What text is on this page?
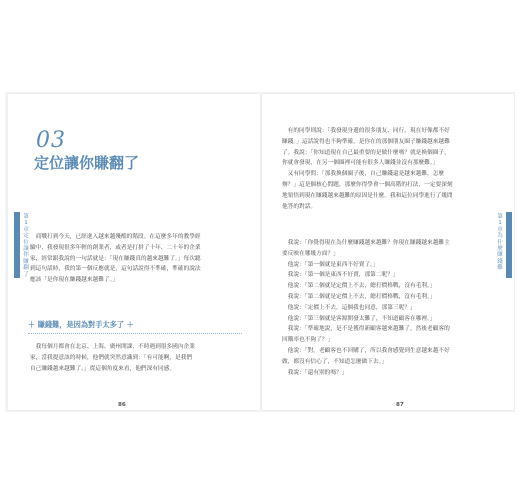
第1章 定位讓你賺翻了
03
定位讓你賺翻了

　商戰打到今天，已經進入越來越殘酷的階段。在這麼多年的教學經
驗中，我發現很多年輕的創業者，或者是打拼了十年、二十年的企業
家，經常跟我說的一句話就是：「現在賺錢真的越來越難了。」每次聽
到這句話時，我的第一個反應就是，這句話說得不準確，準確的說法
應該「是你現在賺錢越來越難了。」

＋ 賺錢難，是因為對手太多了 ＋

　我每個月都會在北京、上海、廣州開課，不時遇到很多國內企業
家，當我提意該的時候，他們就突然意識到：「有可能啊，是我們
自己賺錢越來越難了。」從這個角度來看，他們深有同感。

86
第1章 為什麼賺錢難

　有的同學則說：「我發現身邊的很多朋友、同行，現在好像都不好
賺錢。」這話說得也不夠準確，是你在的那個朋友圈子賺錢越來越難
了。我說：「你知道現在自己最重要的是做什麼嗎？就是換個圈子，
你就會發現，在另一個圈裡可能有很多人賺錢並沒有那麼難。」
　又有同學問：「那我換個圈子後，自己賺錢還是越來越難，怎麼
辦？」這是個核心問題，那麼你得學會一個高階的打法，一定要深刻
地領悟到現在賺錢越來越難的原因是什麼。我和這位同學進行了幾問
他答的對話。

　我說：「你覺得現在為什麼賺錢越來越難？你現在賺錢越來越難主
要反映在哪幾方面？」
　他說：「第一個就是東西不好賣了。」
　我說：「第一個是東西不好賣，那第二呢？」
　他說：「第二個就是定價上不去，總打價格戰，沒有毛利。」
　我說：「第二個就是定價上不去，總打價格戰，沒有毛利。」
　他說：「定價上不去，這個我也同意，那第三呢？」
　他說：「第三個就是客源開發太難了，不知道顧客在哪裡。」
　我說：「準確地說，是不是獲得新顧客越來越難了，然後老顧客的
回購率也不夠了？」
　他說：「對。老顧客也不回購了，所以我會感覺到生意越來越不好
做，都沒有信心了，不知道怎麼做下去。」
　我說：「還有別的嗎？」

87
